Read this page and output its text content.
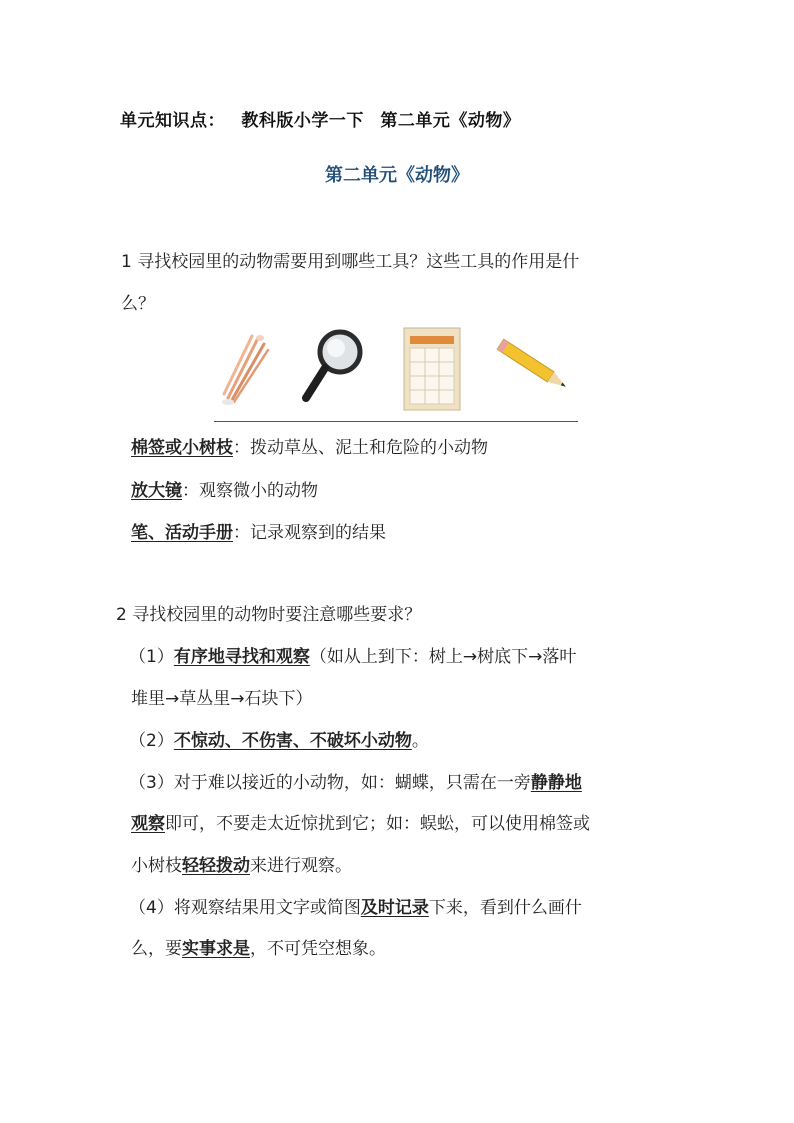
单元知识点： 教科版小学一下 第二单元《动物》
第二单元《动物》
1 寻找校园里的动物需要用到哪些工具？这些工具的作用是什
么？
棉签或小树枝：拨动草丛、泥土和危险的小动物
放大镜：观察微小的动物
笔、活动手册：记录观察到的结果
2 寻找校园里的动物时要注意哪些要求？
（1）有序地寻找和观察（如从上到下：树上→树底下→落叶
堆里→草丛里→石块下）
（2）不惊动、不伤害、不破坏小动物。
（3）对于难以接近的小动物，如：蝴蝶，只需在一旁静静地
观察即可，不要走太近惊扰到它；如：蜈蚣，可以使用棉签或
小树枝轻轻拨动来进行观察。
（4）将观察结果用文字或简图及时记录下来，看到什么画什
么，要实事求是，不可凭空想象。
